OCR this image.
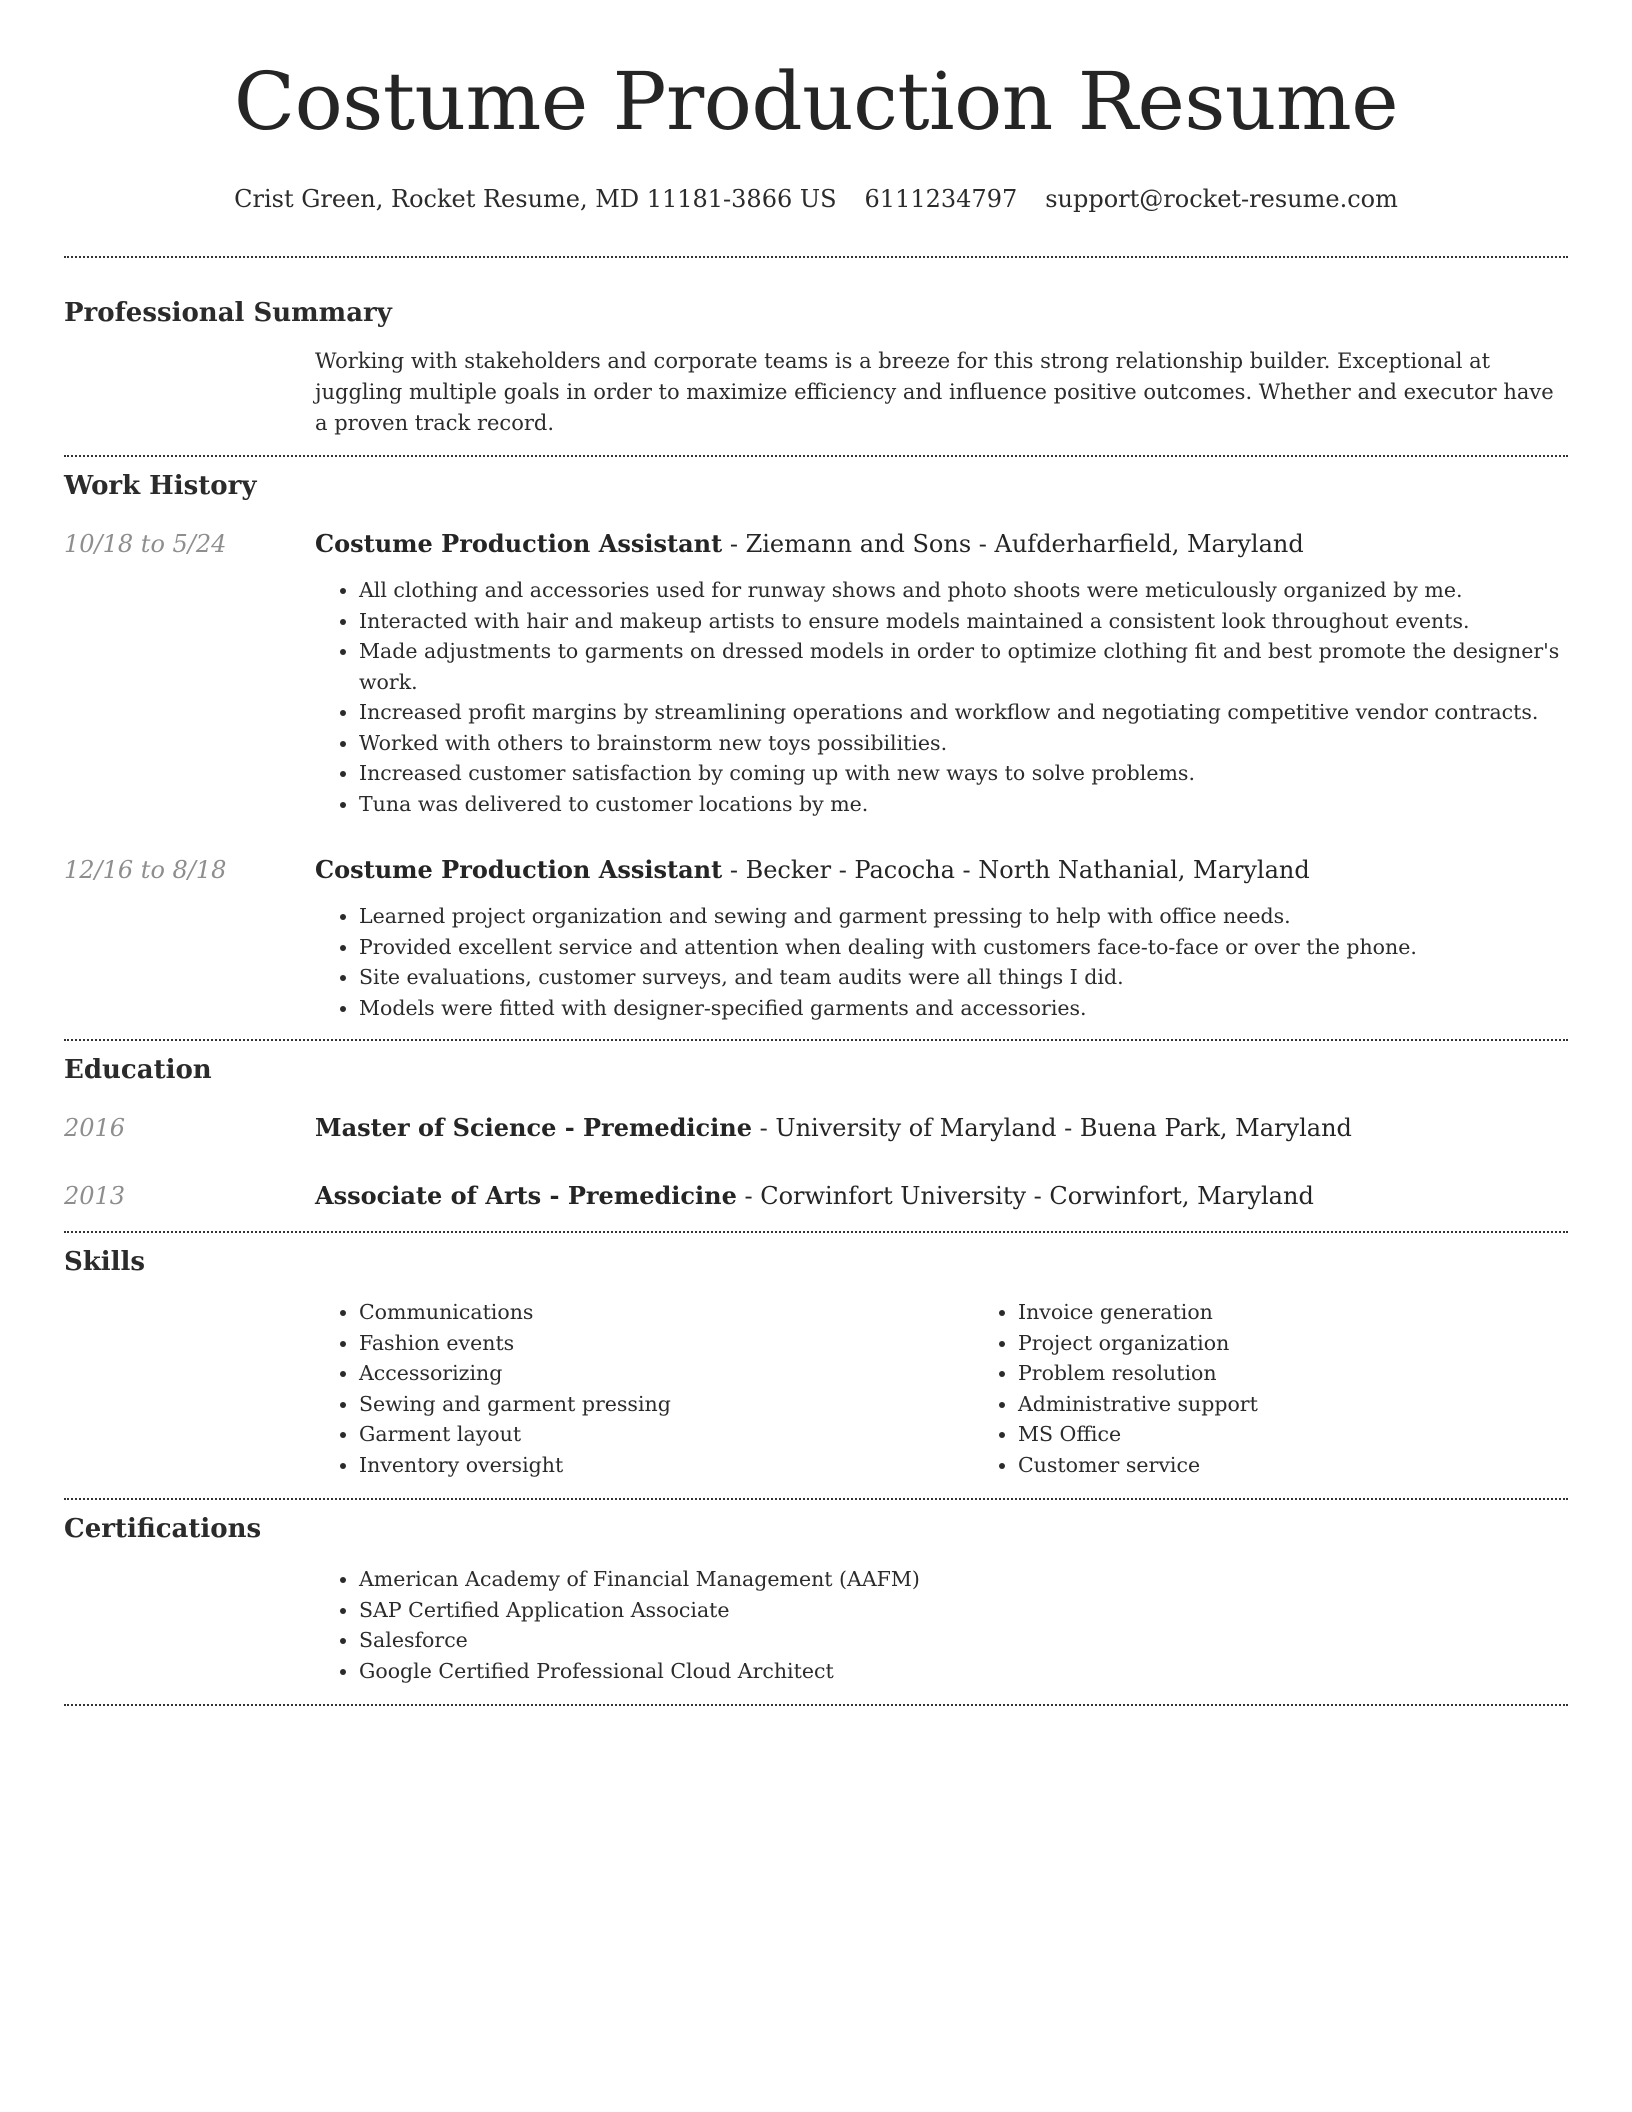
Costume Production Resume
Crist Green, Rocket Resume, MD 11181-3866 US 6111234797 support@rocket-resume.com
Professional Summary

Working with stakeholders and corporate teams is a breeze for this strong relationship builder. Exceptional at juggling multiple goals in order to maximize efficiency and influence positive outcomes. Whether and executor have a proven track record.

Work History
10/18 to 5/24	Costume Production Assistant - Ziemann and Sons - Aufderharfield, Maryland

• All clothing and accessories used for runway shows and photo shoots were meticulously organized by me.
• Interacted with hair and makeup artists to ensure models maintained a consistent look throughout events.
• Made adjustments to garments on dressed models in order to optimize clothing fit and best promote the designer's work.
• Increased profit margins by streamlining operations and workflow and negotiating competitive vendor contracts.
• Worked with others to brainstorm new toys possibilities.
• Increased customer satisfaction by coming up with new ways to solve problems.
• Tuna was delivered to customer locations by me.
12/16 to 8/18	Costume Production Assistant - Becker - Pacocha - North Nathanial, Maryland

• Learned project organization and sewing and garment pressing to help with office needs.
• Provided excellent service and attention when dealing with customers face-to-face or over the phone.
• Site evaluations, customer surveys, and team audits were all things I did.
• Models were fitted with designer-specified garments and accessories.
Education
2016	Master of Science - Premedicine - University of Maryland - Buena Park, Maryland

2013	Associate of Arts - Premedicine - Corwinfort University - Corwinfort, Maryland

Skills
• Communications
• Fashion events
• Accessorizing
• Sewing and garment pressing
• Garment layout
• Inventory oversight
• Invoice generation
• Project organization
• Problem resolution
• Administrative support
• MS Office
• Customer service
Certifications
• American Academy of Financial Management (AAFM)
• SAP Certified Application Associate
• Salesforce
• Google Certified Professional Cloud Architect
